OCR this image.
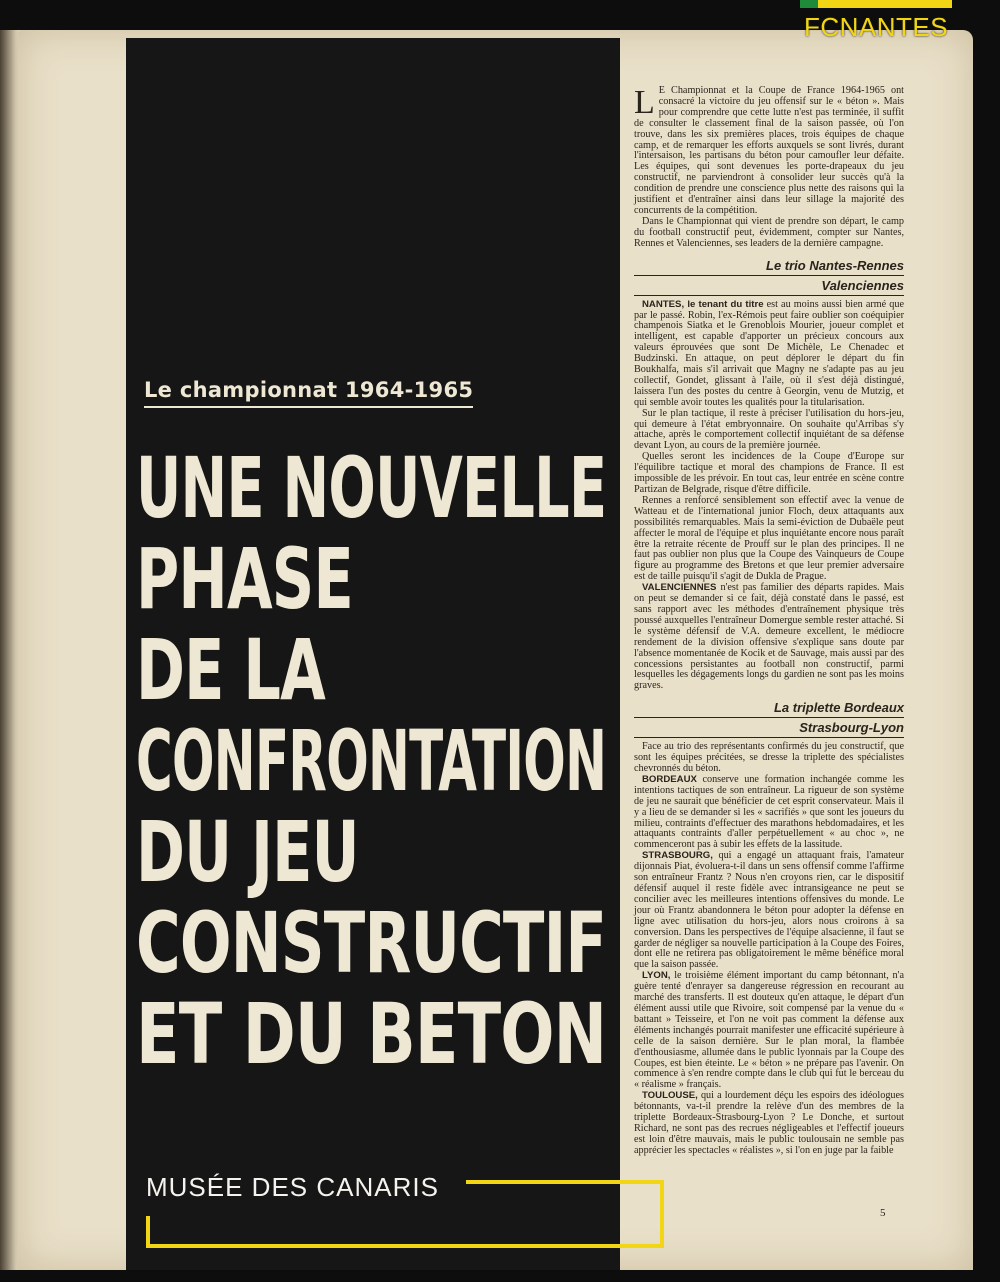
Le championnat 1964-1965
UNE NOUVELLE
PHASE
DE LA
CONFRONTATION
DU JEU
CONSTRUCTIF
ET DU BETON

L E Championnat et la Coupe de France 1964-1965 ont consacré la victoire du jeu offensif sur le « béton ». Mais pour comprendre que cette lutte n'est pas terminée, il suffit de consulter le classement final de la saison passée, où l'on trouve, dans les six premières places, trois équipes de chaque camp, et de remarquer les efforts auxquels se sont livrés, durant l'intersaison, les partisans du béton pour camoufler leur défaite. Les équipes, qui sont devenues les porte-drapeaux du jeu constructif, ne parviendront à consolider leur succès qu'à la condition de prendre une conscience plus nette des raisons qui la justifient et d'entraîner ainsi dans leur sillage la majorité des concurrents de la compétition.

Dans le Championnat qui vient de prendre son départ, le camp du football constructif peut, évidemment, compter sur Nantes, Rennes et Valenciennes, ses leaders de la dernière campagne.

Le trio Nantes-Rennes
Valenciennes

NANTES, le tenant du titre est au moins aussi bien armé que par le passé. Robin, l'ex-Rémois peut faire oublier son coéquipier champenois Siatka et le Grenoblois Mourier, joueur complet et intelligent, est capable d'apporter un précieux concours aux valeurs éprouvées que sont De Michèle, Le Chenadec et Budzinski. En attaque, on peut déplorer le départ du fin Boukhalfa, mais s'il arrivait que Magny ne s'adapte pas au jeu collectif, Gondet, glissant à l'aile, où il s'est déjà distingué, laissera l'un des postes du centre à Georgin, venu de Mutzig, et qui semble avoir toutes les qualités pour la titularisation.

Sur le plan tactique, il reste à préciser l'utilisation du hors-jeu, qui demeure à l'état embryonnaire. On souhaite qu'Arribas s'y attache, après le comportement collectif inquiétant de sa défense devant Lyon, au cours de la première journée.

Quelles seront les incidences de la Coupe d'Europe sur l'équilibre tactique et moral des champions de France. Il est impossible de les prévoir. En tout cas, leur entrée en scène contre Partizan de Belgrade, risque d'être difficile.

Rennes a renforcé sensiblement son effectif avec la venue de Watteau et de l'international junior Floch, deux attaquants aux possibilités remarquables. Mais la semi-éviction de Dubaële peut affecter le moral de l'équipe et plus inquiétante encore nous paraît être la retraite récente de Prouff sur le plan des principes. Il ne faut pas oublier non plus que la Coupe des Vainqueurs de Coupe figure au programme des Bretons et que leur premier adversaire est de taille puisqu'il s'agit de Dukla de Prague.

VALENCIENNES n'est pas familier des départs rapides. Mais on peut se demander si ce fait, déjà constaté dans le passé, est sans rapport avec les méthodes d'entraînement physique très poussé auxquelles l'entraîneur Domergue semble rester attaché. Si le système défensif de V.A. demeure excellent, le médiocre rendement de la division offensive s'explique sans doute par l'absence momentanée de Kocik et de Sauvage, mais aussi par des concessions persistantes au football non constructif, parmi lesquelles les dégagements longs du gardien ne sont pas les moins graves.

La triplette Bordeaux
Strasbourg-Lyon

Face au trio des représentants confirmés du jeu constructif, que sont les équipes précitées, se dresse la triplette des spécialistes chevronnés du béton.

BORDEAUX conserve une formation inchangée comme les intentions tactiques de son entraîneur. La rigueur de son système de jeu ne saurait que bénéficier de cet esprit conservateur. Mais il y a lieu de se demander si les « sacrifiés » que sont les joueurs du milieu, contraints d'effectuer des marathons hebdomadaires, et les attaquants contraints d'aller perpétuellement « au choc », ne commenceront pas à subir les effets de la lassitude.

STRASBOURG, qui a engagé un attaquant frais, l'amateur dijonnais Piat, évoluera-t-il dans un sens offensif comme l'affirme son entraîneur Frantz ? Nous n'en croyons rien, car le dispositif défensif auquel il reste fidèle avec intransigeance ne peut se concilier avec les meilleures intentions offensives du monde. Le jour où Frantz abandonnera le béton pour adopter la défense en ligne avec utilisation du hors-jeu, alors nous croirons à sa conversion. Dans les perspectives de l'équipe alsacienne, il faut se garder de négliger sa nouvelle participation à la Coupe des Foires, dont elle ne retirera pas obligatoirement le même bénéfice moral que la saison passée.

LYON, le troisième élément important du camp bétonnant, n'a guère tenté d'enrayer sa dangereuse régression en recourant au marché des transferts. Il est douteux qu'en attaque, le départ d'un élément aussi utile que Rivoire, soit compensé par la venue du « battant » Teisseire, et l'on ne voit pas comment la défense aux éléments inchangés pourrait manifester une efficacité supérieure à celle de la saison dernière. Sur le plan moral, la flambée d'enthousiasme, allumée dans le public lyonnais par la Coupe des Coupes, est bien éteinte. Le « béton » ne prépare pas l'avenir. On commence à s'en rendre compte dans le club qui fut le berceau du « réalisme » français.

TOULOUSE, qui a lourdement déçu les espoirs des idéologues bétonnants, va-t-il prendre la relève d'un des membres de la triplette Bordeaux-Strasbourg-Lyon ? Le Donche, et surtout Richard, ne sont pas des recrues négligeables et l'effectif joueurs est loin d'être mauvais, mais le public toulousain ne semble pas apprécier les spectacles « réalistes », si l'on en juge par la faible

5
FCNANTES
MUSÉE DES CANARIS
